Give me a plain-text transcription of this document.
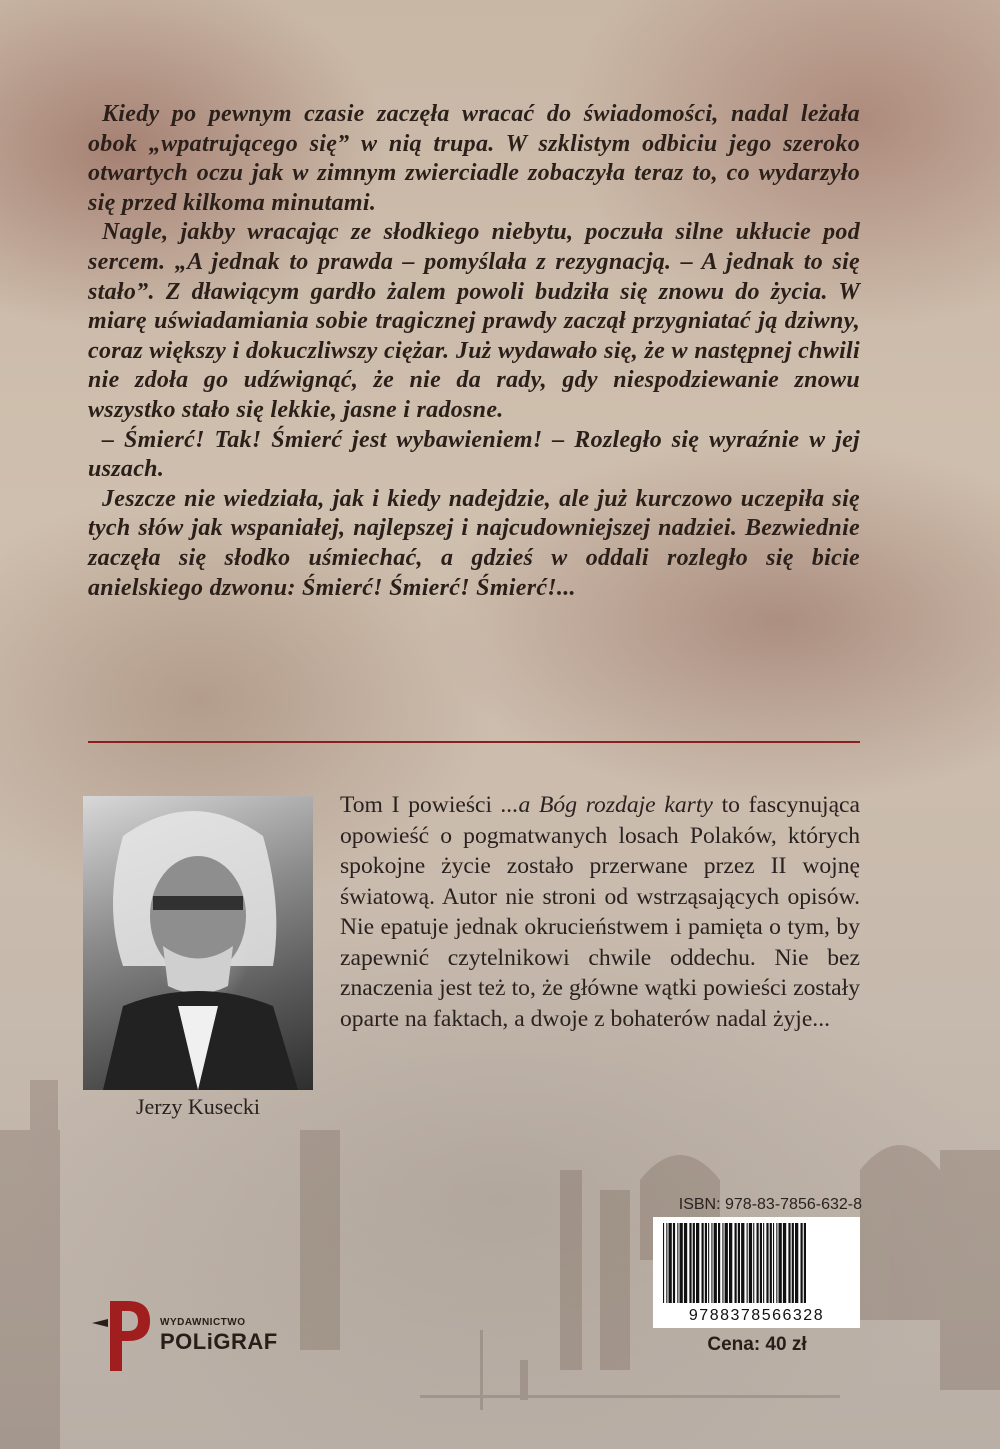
Kiedy po pewnym czasie zaczęła wracać do świadomości, nadal leżała obok „wpatrującego się” w nią trupa. W szklistym odbiciu jego szeroko otwartych oczu jak w zimnym zwierciadle zobaczyła teraz to, co wydarzyło się przed kilkoma minutami.

Nagle, jakby wracając ze słodkiego niebytu, poczuła silne ukłucie pod sercem. „A jednak to prawda – pomyślała z rezygnacją. – A jednak to się stało”. Z dławiącym gardło żalem powoli budziła się znowu do życia. W miarę uświadamiania sobie tragicznej prawdy zaczął przygniatać ją dziwny, coraz większy i dokuczliwszy ciężar. Już wydawało się, że w następnej chwili nie zdoła go udźwignąć, że nie da rady, gdy niespodziewanie znowu wszystko stało się lekkie, jasne i radosne.

– Śmierć! Tak! Śmierć jest wybawieniem! – Rozległo się wyraźnie w jej uszach.

Jeszcze nie wiedziała, jak i kiedy nadejdzie, ale już kurczowo uczepiła się tych słów jak wspaniałej, najlepszej i najcudowniejszej nadziei. Bezwiednie zaczęła się słodko uśmiechać, a gdzieś w oddali rozległo się bicie anielskiego dzwonu: Śmierć! Śmierć! Śmierć!...

Jerzy Kusecki
Tom I powieści ...a Bóg rozdaje karty to fascynująca opowieść o pogmatwanych losach Polaków, których spokojne życie zostało przerwane przez II wojnę światową. Autor nie stroni od wstrząsających opisów. Nie epatuje jednak okrucieństwem i pamięta o tym, by zapewnić czytelnikowi chwile oddechu. Nie bez znaczenia jest też to, że główne wątki powieści zostały oparte na faktach, a dwoje z bohaterów nadal żyje...
WYDAWNICTWO
POLiGRAF
ISBN: 978-83-7856-632-8
9788378566328
Cena: 40 zł
